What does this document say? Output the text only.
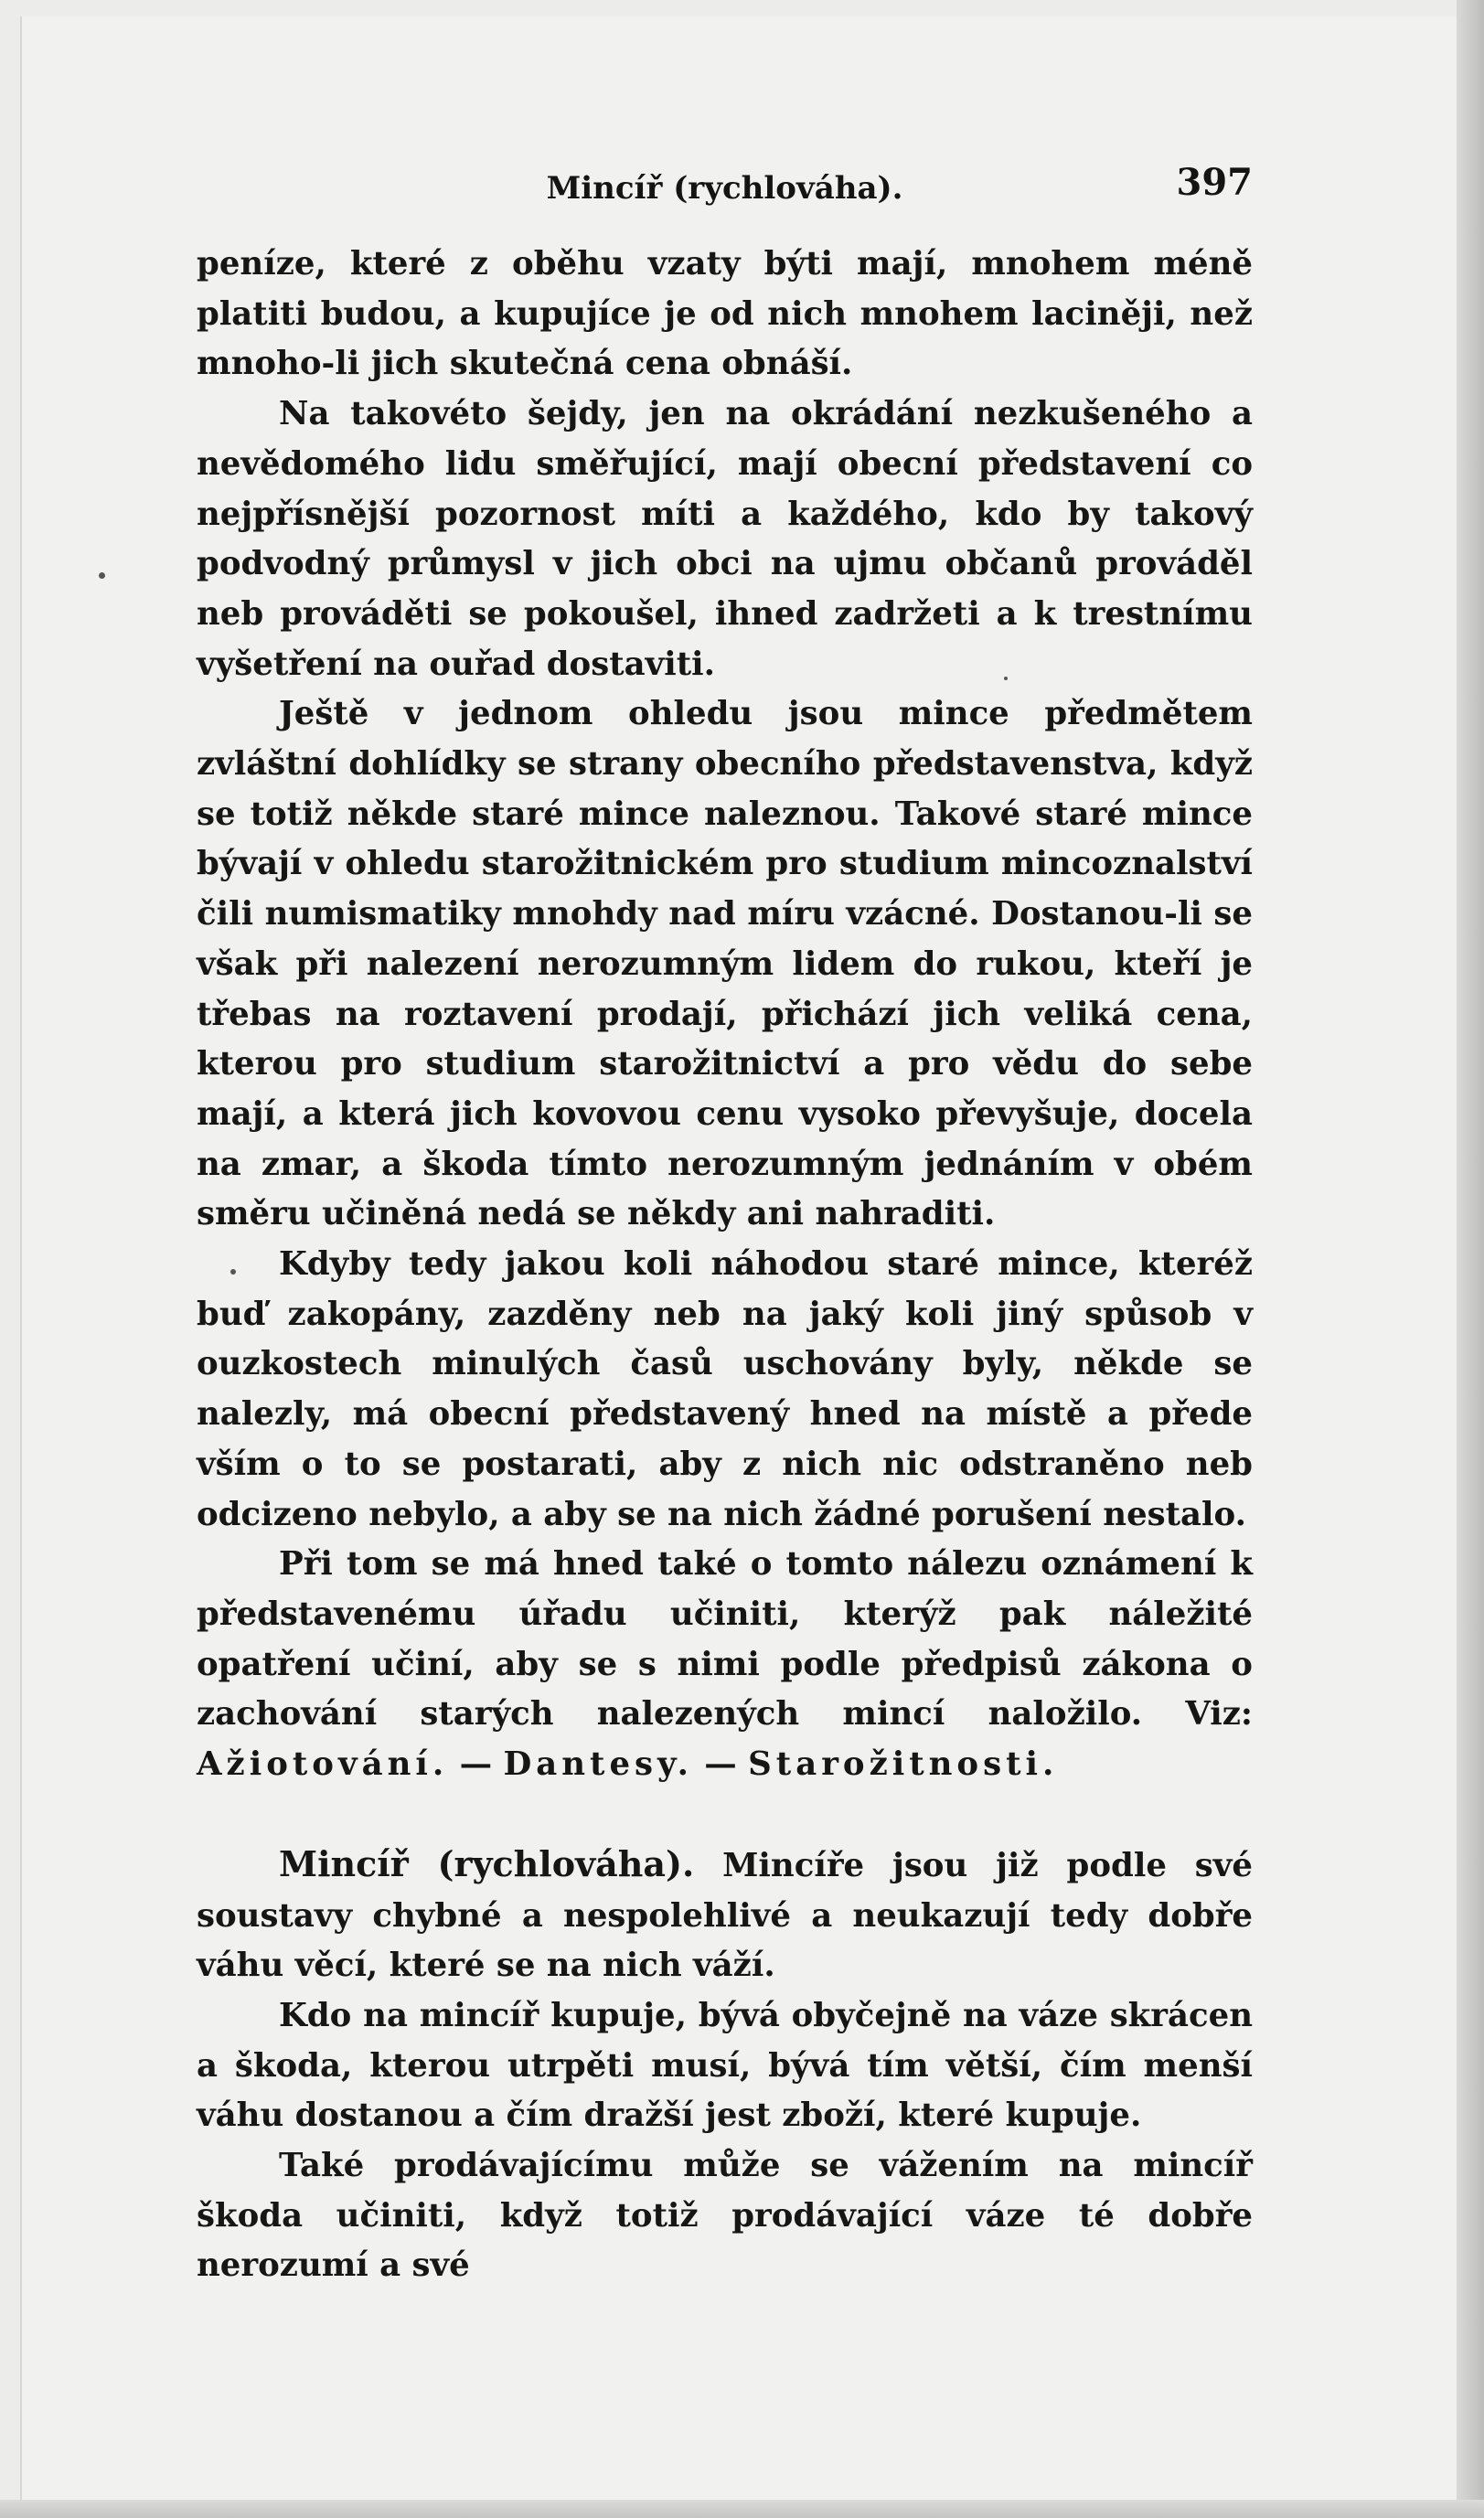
Mincíř (rychlováha).	397

peníze, které z oběhu vzaty býti mají, mnohem méně platiti budou, a kupujíce je od nich mnohem laciněji, než mnoho-li jich skutečná cena obnáší.

Na takovéto šejdy, jen na okrádání nezkušeného a nevědomého lidu směřující, mají obecní představení co nejpřísnější pozornost míti a každého, kdo by takový podvodný průmysl v jich obci na ujmu občanů prováděl neb prováděti se pokoušel, ihned zadržeti a k trestnímu vyšetření na ouřad dostaviti.

Ještě v jednom ohledu jsou mince předmětem zvláštní dohlídky se strany obecního představenstva, když se totiž někde staré mince naleznou. Takové staré mince bývají v ohledu starožitnickém pro studium mincoznalství čili numismatiky mnohdy nad míru vzácné. Dostanou-li se však při nalezení nerozumným lidem do rukou, kteří je třebas na roztavení prodají, přichází jich veliká cena, kterou pro studium starožitnictví a pro vědu do sebe mají, a která jich kovovou cenu vysoko převyšuje, docela na zmar, a škoda tímto nerozumným jednáním v obém směru učiněná nedá se někdy ani nahraditi.

Kdyby tedy jakou koli náhodou staré mince, kteréž buď zakopány, zazděny neb na jaký koli jiný spůsob v ouzkostech minulých časů uschovány byly, někde se nalezly, má obecní představený hned na místě a přede vším o to se postarati, aby z nich nic odstraněno neb odcizeno nebylo, a aby se na nich žádné porušení nestalo.

Při tom se má hned také o tomto nálezu oznámení k představenému úřadu učiniti, kterýž pak náležité opatření učiní, aby se s nimi podle předpisů zákona o zachování starých nalezených mincí naložilo. Viz: Ažiotování. — Dantesy. — Starožitnosti.

Mincíř (rychlováha). Mincíře jsou již podle své soustavy chybné a nespolehlivé a neukazují tedy dobře váhu věcí, které se na nich váží.

Kdo na mincíř kupuje, bývá obyčejně na váze skrácen a škoda, kterou utrpěti musí, bývá tím větší, čím menší váhu dostanou a čím dražší jest zboží, které kupuje.

Také prodávajícímu může se vážením na mincíř škoda učiniti, když totiž prodávající váze té dobře nerozumí a své
